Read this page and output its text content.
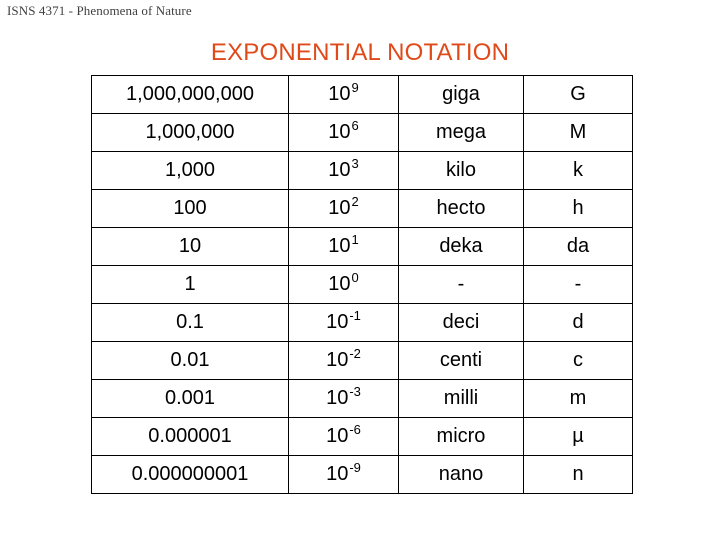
ISNS 4371 - Phenomena of Nature
EXPONENTIAL NOTATION
1,000,000,000	$10^9$	giga	G
1,000,000	$10^6$	mega	M
1,000	$10^3$	kilo	k
100	$10^2$	hecto	h
10	$10^1$	deka	da
1	$10^0$	-	-
0.1	$10^{-1}$	deci	d
0.01	$10^{-2}$	centi	c
0.001	$10^{-3}$	milli	m
0.000001	$10^{-6}$	micro	µ
0.000000001	$10^{-9}$	nano	n
